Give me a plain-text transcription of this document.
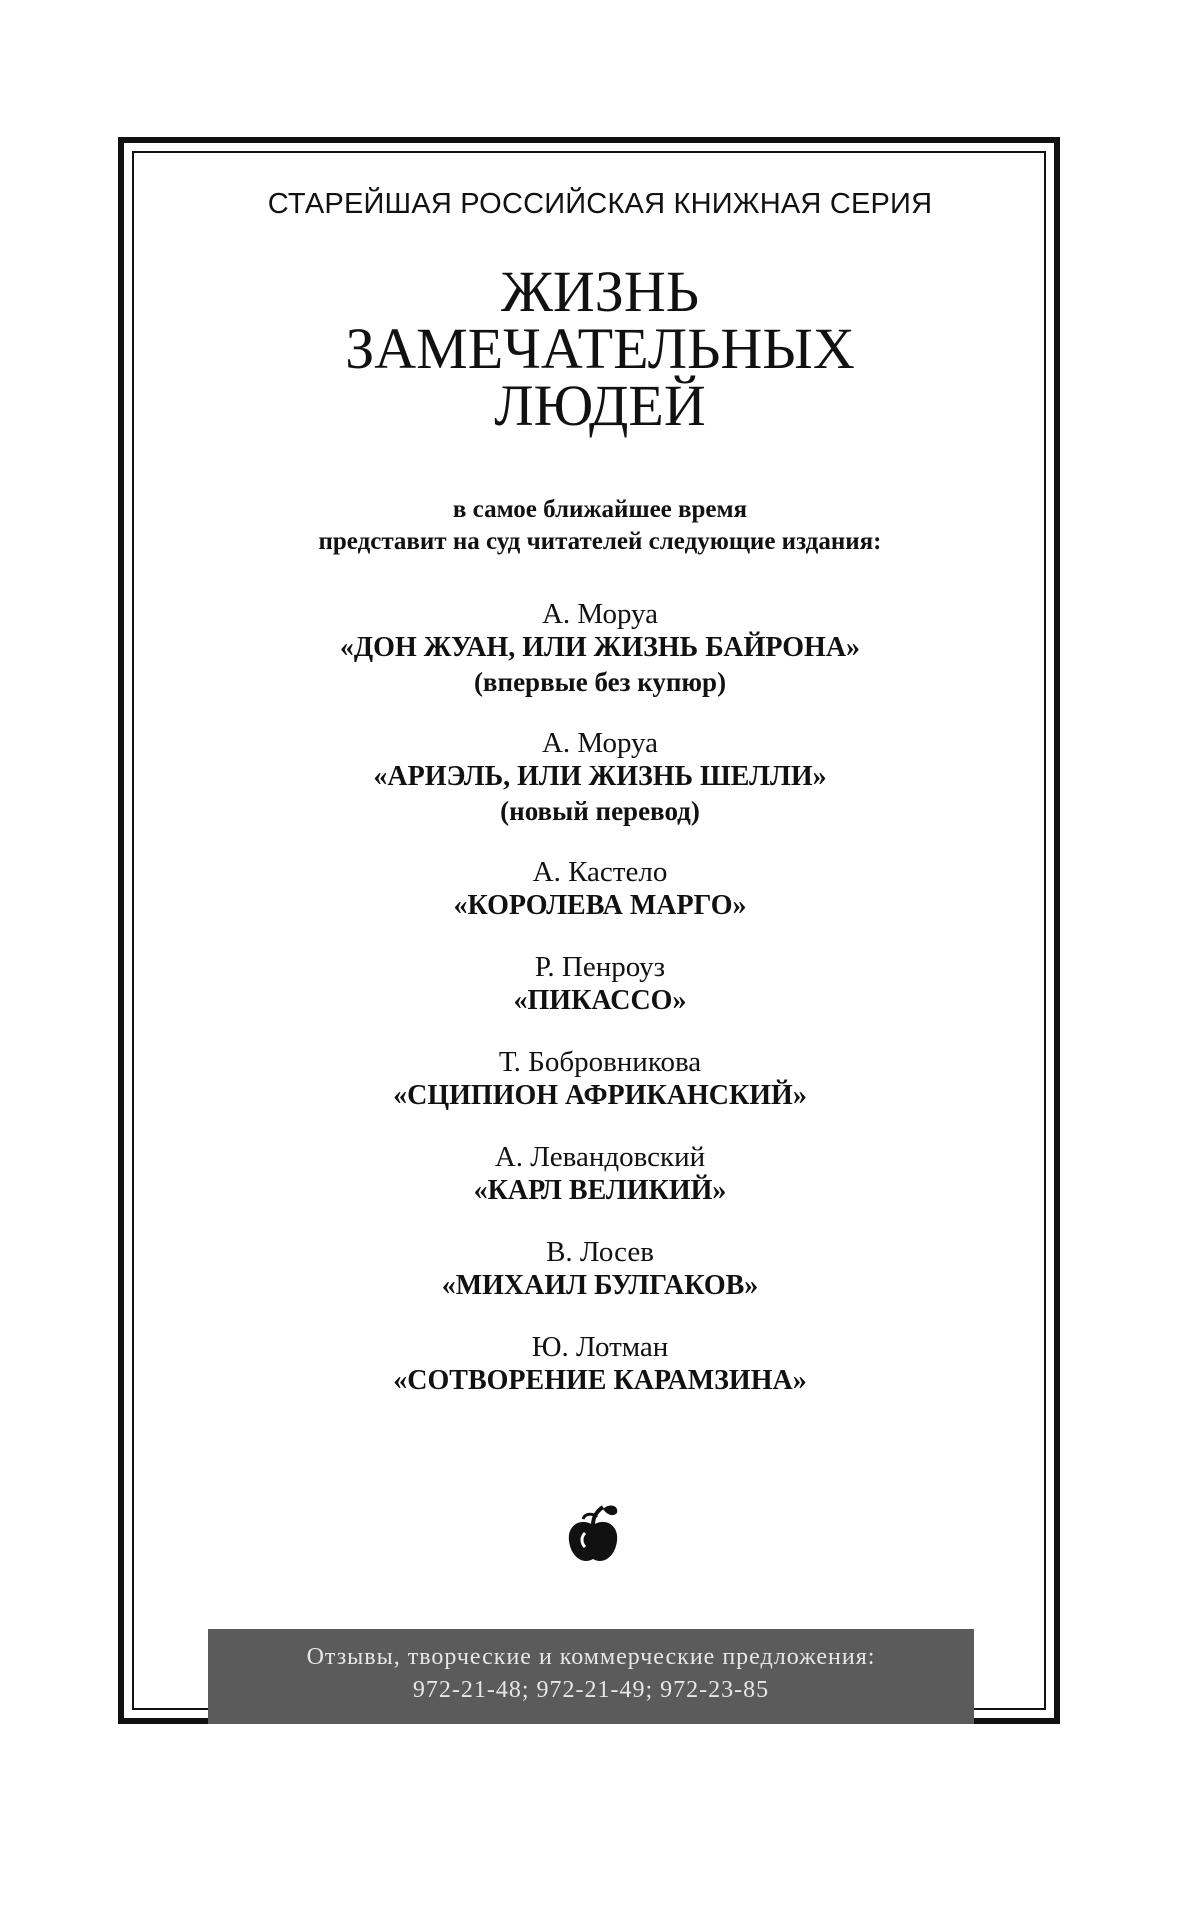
СТАРЕЙШАЯ РОССИЙСКАЯ КНИЖНАЯ СЕРИЯ
ЖИЗНЬ
ЗАМЕЧАТЕЛЬНЫХ
ЛЮДЕЙ
в самое ближайшее время
представит на суд читателей следующие издания:
А. Моруа
«ДОН ЖУАН, ИЛИ ЖИЗНЬ БАЙРОНА»
(впервые без купюр)
А. Моруа
«АРИЭЛЬ, ИЛИ ЖИЗНЬ ШЕЛЛИ»
(новый перевод)
А. Кастело
«КОРОЛЕВА МАРГО»
Р. Пенроуз
«ПИКАССО»
Т. Бобровникова
«СЦИПИОН АФРИКАНСКИЙ»
А. Левандовский
«КАРЛ ВЕЛИКИЙ»
В. Лосев
«МИХАИЛ БУЛГАКОВ»
Ю. Лотман
«СОТВОРЕНИЕ КАРАМЗИНА»
Отзывы, творческие и коммерческие предложения:
972-21-48; 972-21-49; 972-23-85
